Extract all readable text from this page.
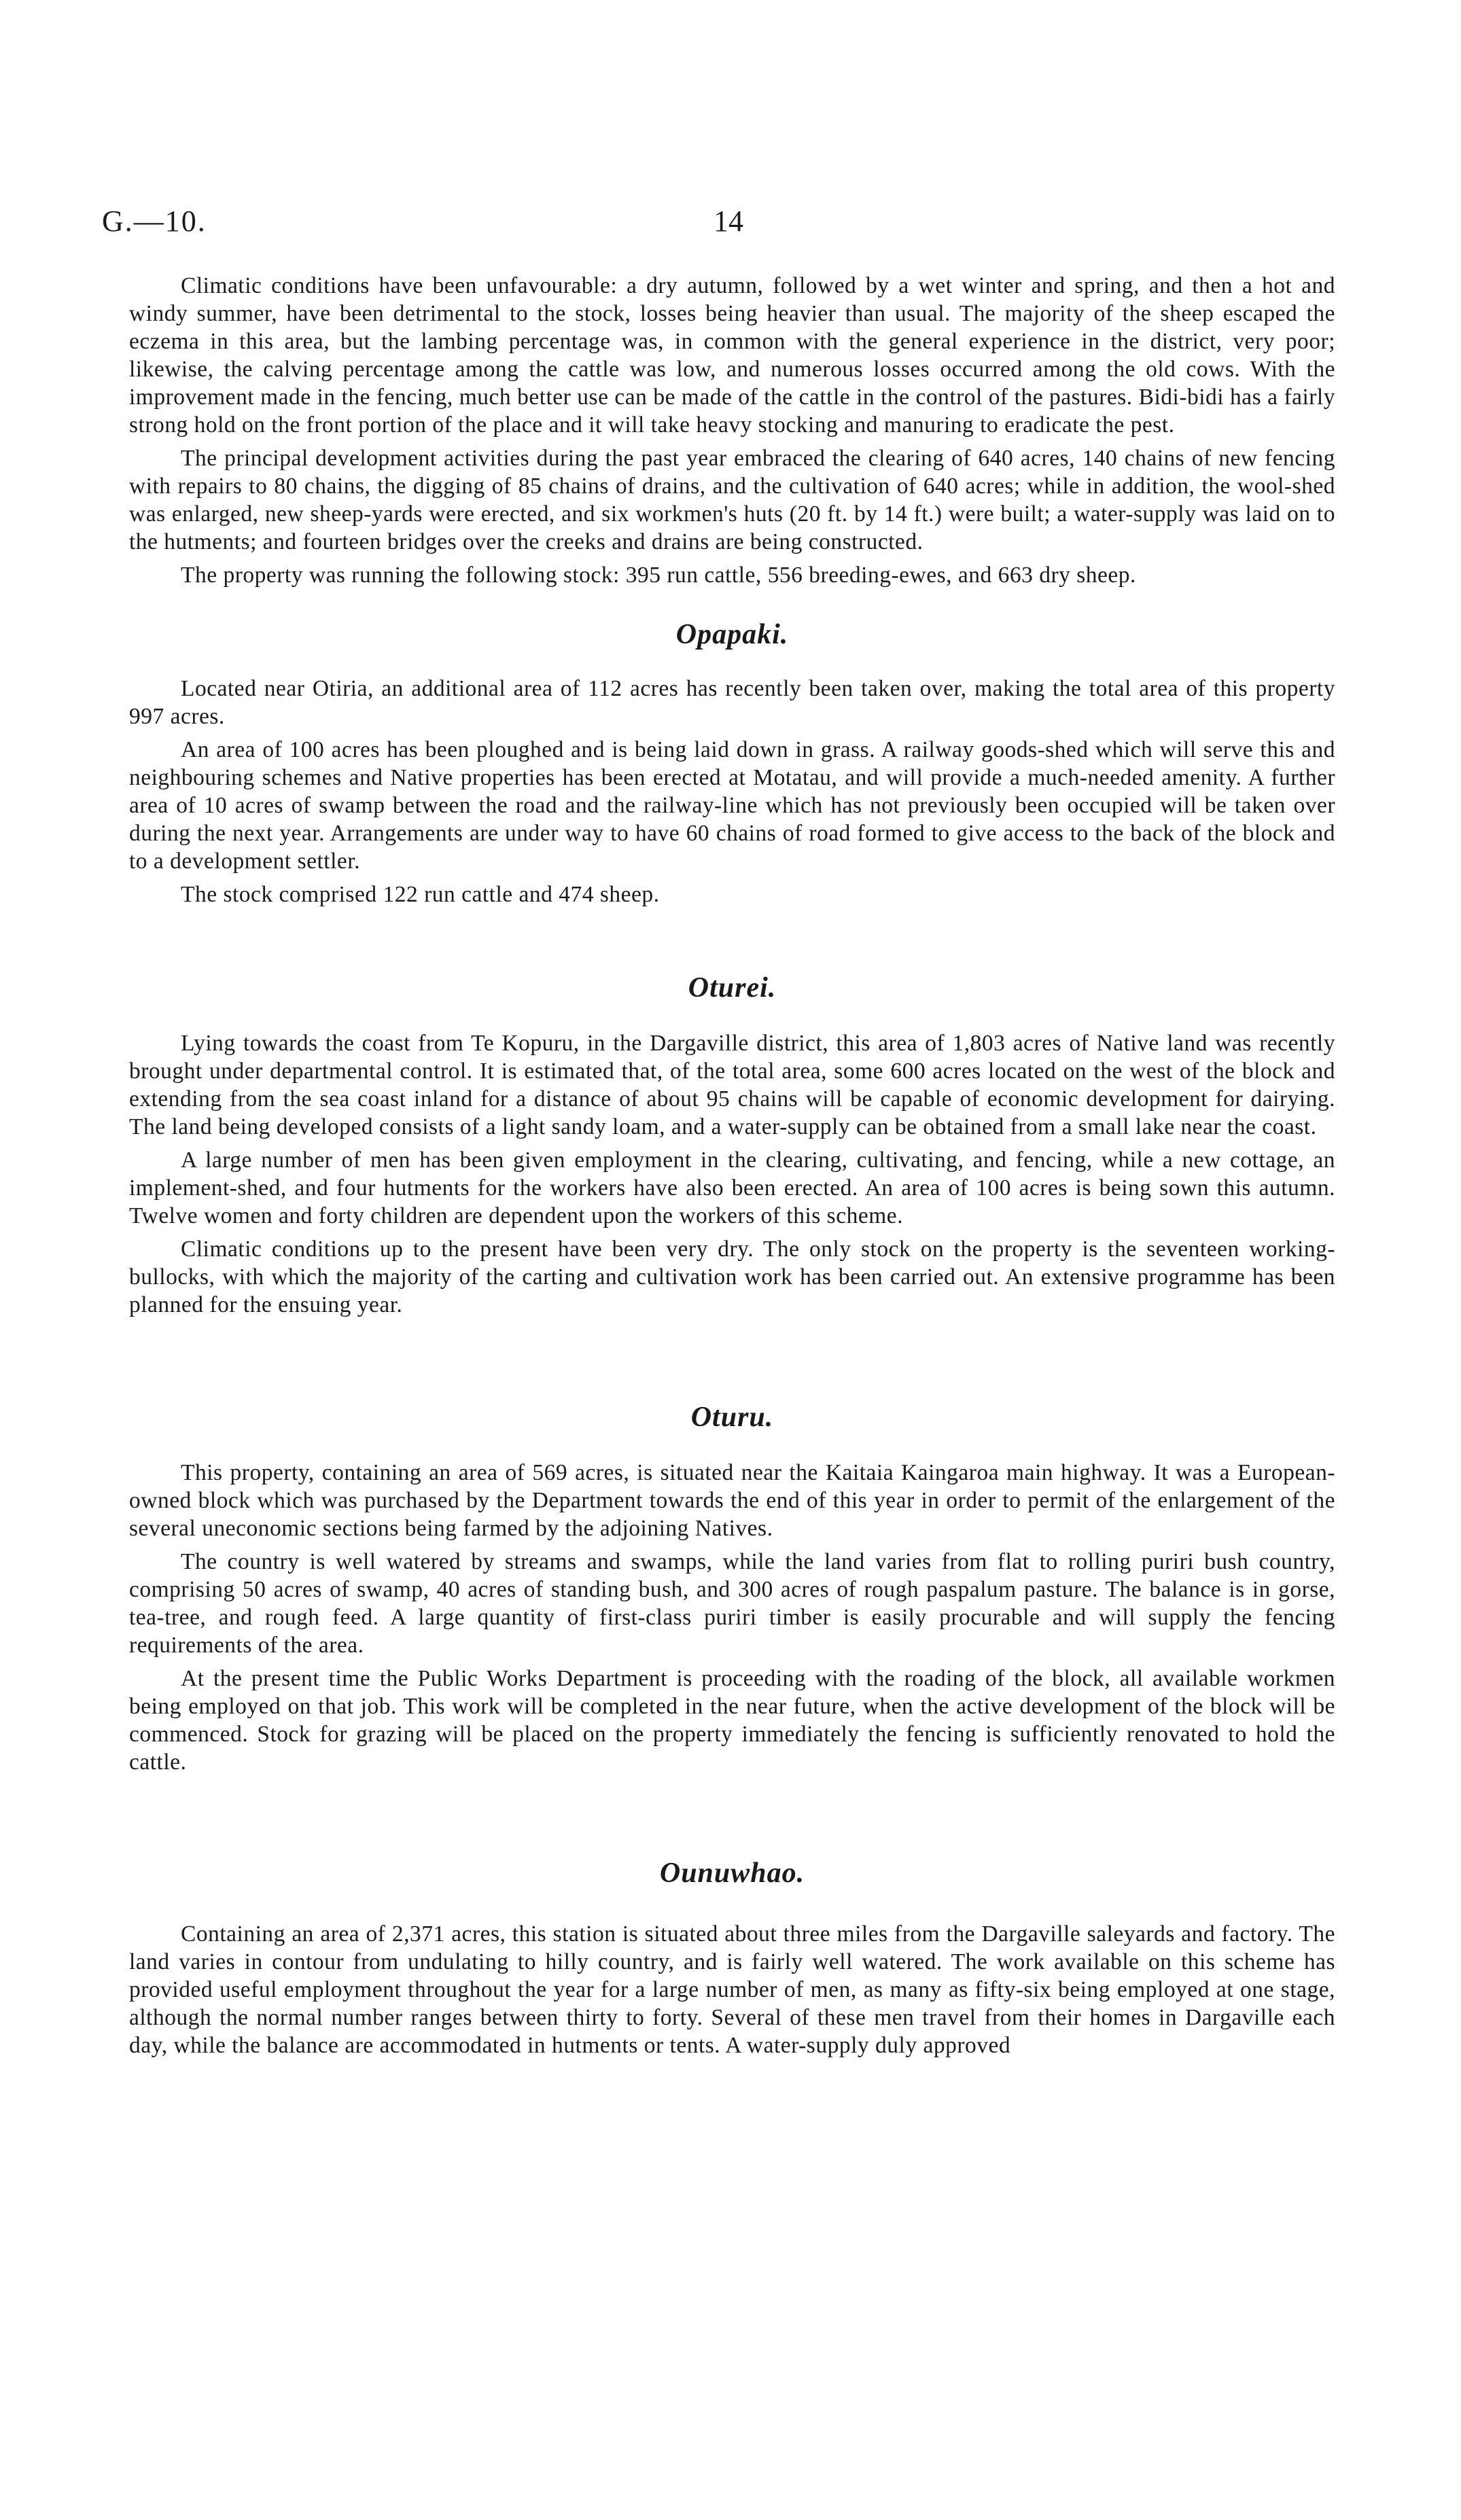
G.—10.	14

Climatic conditions have been unfavourable: a dry autumn, followed by a wet winter and spring, and then a hot and windy summer, have been detrimental to the stock, losses being heavier than usual. The majority of the sheep escaped the eczema in this area, but the lambing percentage was, in common with the general experience in the district, very poor; likewise, the calving percentage among the cattle was low, and numerous losses occurred among the old cows. With the improvement made in the fencing, much better use can be made of the cattle in the control of the pastures. Bidi-bidi has a fairly strong hold on the front portion of the place and it will take heavy stocking and manuring to eradicate the pest.

The principal development activities during the past year embraced the clearing of 640 acres, 140 chains of new fencing with repairs to 80 chains, the digging of 85 chains of drains, and the cultivation of 640 acres; while in addition, the wool-shed was enlarged, new sheep-yards were erected, and six workmen's huts (20 ft. by 14 ft.) were built; a water-supply was laid on to the hutments; and fourteen bridges over the creeks and drains are being constructed.

The property was running the following stock: 395 run cattle, 556 breeding-ewes, and 663 dry sheep.

Opapaki.

Located near Otiria, an additional area of 112 acres has recently been taken over, making the total area of this property 997 acres.

An area of 100 acres has been ploughed and is being laid down in grass. A railway goods-shed which will serve this and neighbouring schemes and Native properties has been erected at Motatau, and will provide a much-needed amenity. A further area of 10 acres of swamp between the road and the railway-line which has not previously been occupied will be taken over during the next year. Arrangements are under way to have 60 chains of road formed to give access to the back of the block and to a development settler.

The stock comprised 122 run cattle and 474 sheep.

Oturei.

Lying towards the coast from Te Kopuru, in the Dargaville district, this area of 1,803 acres of Native land was recently brought under departmental control. It is estimated that, of the total area, some 600 acres located on the west of the block and extending from the sea coast inland for a distance of about 95 chains will be capable of economic development for dairying. The land being developed consists of a light sandy loam, and a water-supply can be obtained from a small lake near the coast.

A large number of men has been given employment in the clearing, cultivating, and fencing, while a new cottage, an implement-shed, and four hutments for the workers have also been erected. An area of 100 acres is being sown this autumn. Twelve women and forty children are dependent upon the workers of this scheme.

Climatic conditions up to the present have been very dry. The only stock on the property is the seventeen working-bullocks, with which the majority of the carting and cultivation work has been carried out. An extensive programme has been planned for the ensuing year.

Oturu.

This property, containing an area of 569 acres, is situated near the Kaitaia Kaingaroa main highway. It was a European-owned block which was purchased by the Department towards the end of this year in order to permit of the enlargement of the several uneconomic sections being farmed by the adjoining Natives.

The country is well watered by streams and swamps, while the land varies from flat to rolling puriri bush country, comprising 50 acres of swamp, 40 acres of standing bush, and 300 acres of rough paspalum pasture. The balance is in gorse, tea-tree, and rough feed. A large quantity of first-class puriri timber is easily procurable and will supply the fencing requirements of the area.

At the present time the Public Works Department is proceeding with the roading of the block, all available workmen being employed on that job. This work will be completed in the near future, when the active development of the block will be commenced. Stock for grazing will be placed on the property immediately the fencing is sufficiently renovated to hold the cattle.

Ounuwhao.

Containing an area of 2,371 acres, this station is situated about three miles from the Dargaville saleyards and factory. The land varies in contour from undulating to hilly country, and is fairly well watered. The work available on this scheme has provided useful employment throughout the year for a large number of men, as many as fifty-six being employed at one stage, although the normal number ranges between thirty to forty. Several of these men travel from their homes in Dargaville each day, while the balance are accommodated in hutments or tents. A water-supply duly approved
